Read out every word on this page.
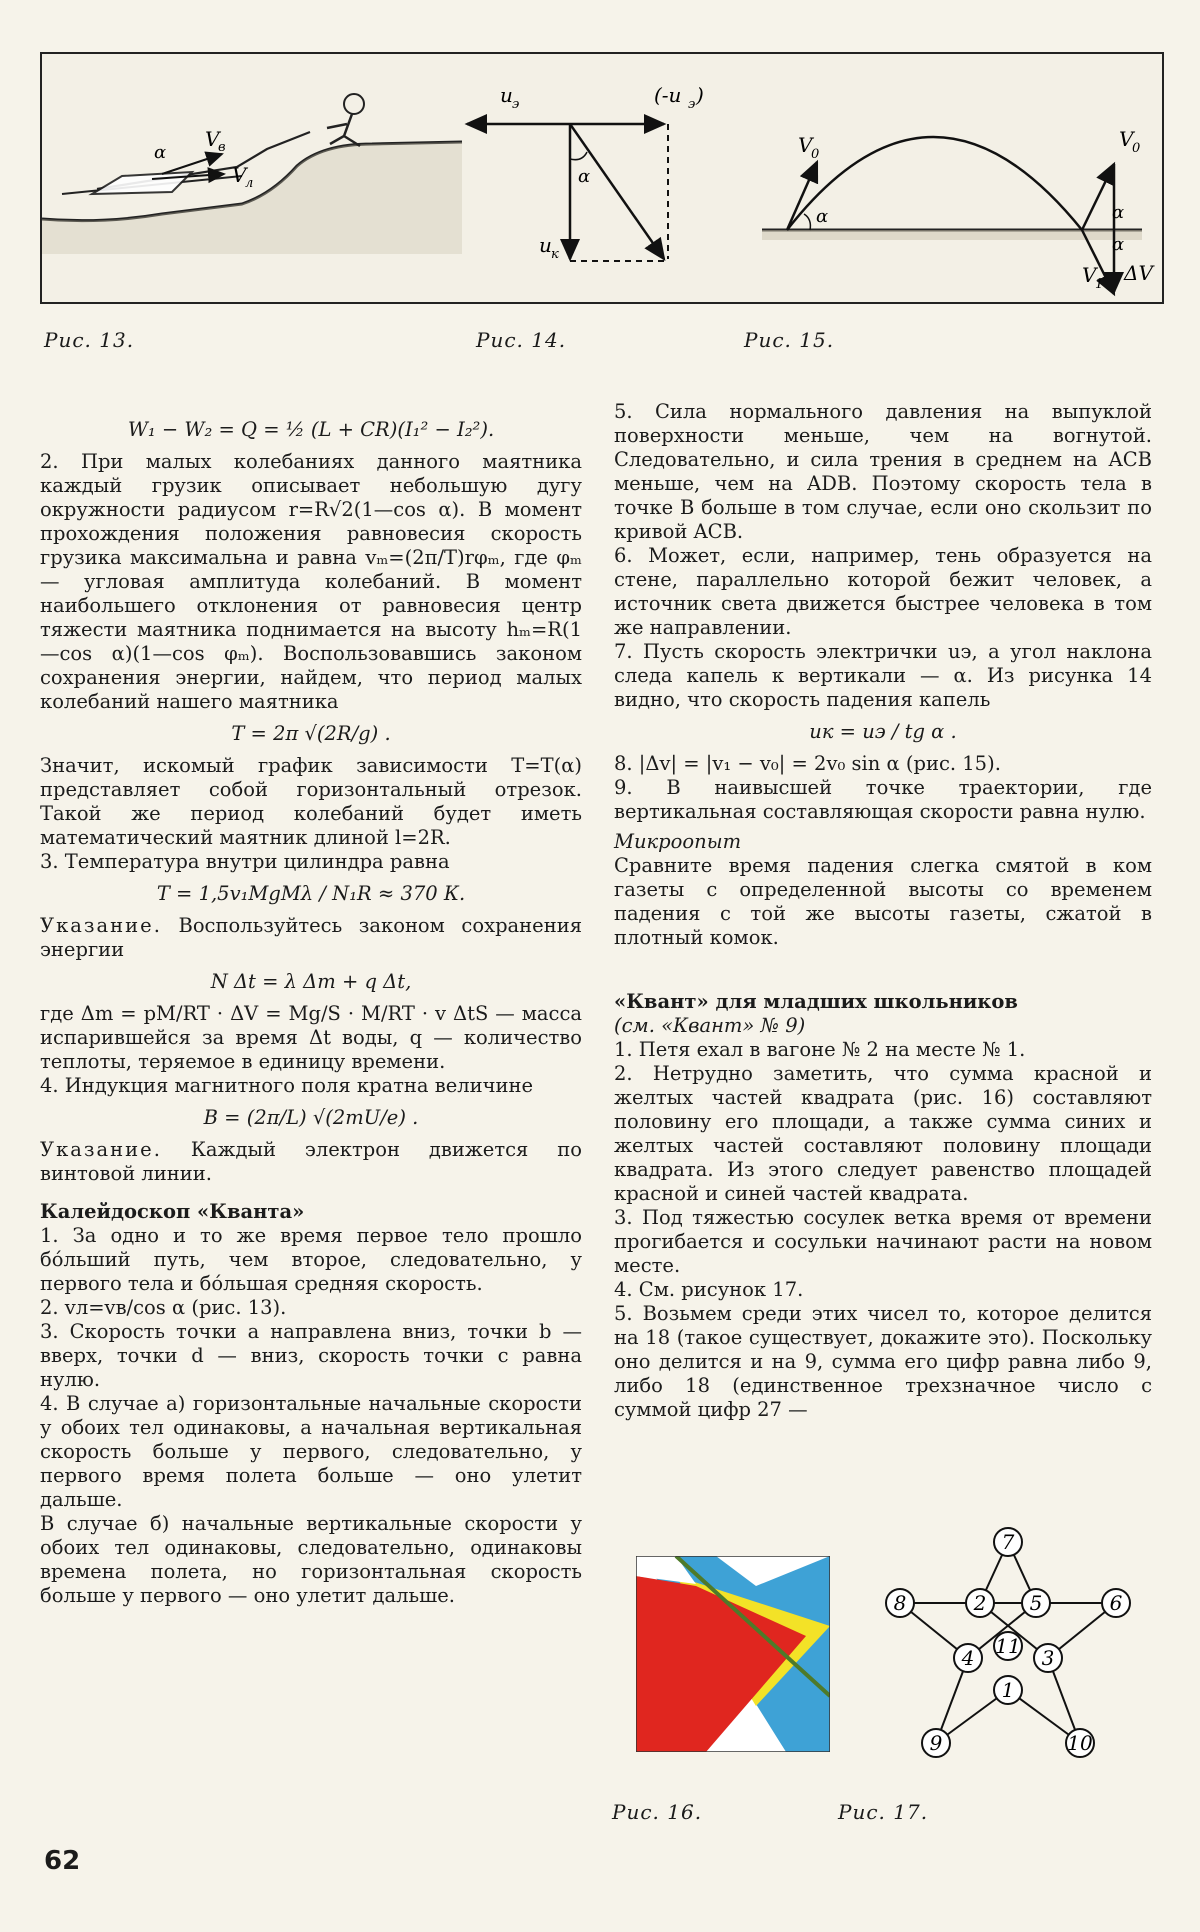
α
V
в
V
л
u э	(-u э )
α
u к
V
0
α	α
α
V
0
V
1 ΔV
Рис. 13.	Рис. 14.	Рис. 15.

W₁ − W₂ = Q = ½ (L + CR)(I₁² − I₂²).

2. При малых колебаниях данного маятника каждый грузик описывает небольшую дугу окружности радиусом r=R√2(1—cos α). В момент прохождения положения равновесия скорость грузика максимальна и равна vₘ=(2π/T)rφₘ, где φₘ — угловая амплитуда колебаний. В момент наибольшего отклонения от равновесия центр тяжести маятника поднимается на высоту hₘ=R(1—cos α)(1—cos φₘ). Воспользовавшись законом сохранения энергии, найдем, что период малых колебаний нашего маятника

T = 2π √(2R/g) .

Значит, искомый график зависимости T=T(α) представляет собой горизонтальный отрезок. Такой же период колебаний будет иметь математический маятник длиной l=2R.

3. Температура внутри цилиндра равна

T = 1,5v₁MgMλ / N₁R ≈ 370 К.

Указание. Воспользуйтесь законом сохранения энергии

N Δt = λ Δm + q Δt,

где Δm = pM/RT · ΔV = Mg/S · M/RT · v ΔtS — масса испарившейся за время Δt воды, q — количество теплоты, теряемое в единицу времени.

4. Индукция магнитного поля кратна величине

B = (2π/L) √(2mU/e) .

Указание. Каждый электрон движется по винтовой линии.

Калейдоскоп «Кванта»

1. За одно и то же время первое тело прошло бо́льший путь, чем второе, следовательно, у первого тела и бо́льшая средняя скорость.

2. vл=vв/cos α (рис. 13).

3. Скорость точки a направлена вниз, точки b — вверх, точки d — вниз, скорость точки c равна нулю.

4. В случае а) горизонтальные начальные скорости у обоих тел одинаковы, а начальная вертикальная скорость больше у первого, следовательно, у первого время полета больше — оно улетит дальше.

В случае б) начальные вертикальные скорости у обоих тел одинаковы, следовательно, одинаковы времена полета, но горизонтальная скорость больше у первого — оно улетит дальше.

5. Сила нормального давления на выпуклой поверхности меньше, чем на вогнутой. Следовательно, и сила трения в среднем на ACB меньше, чем на ADB. Поэтому скорость тела в точке B больше в том случае, если оно скользит по кривой ACB.

6. Может, если, например, тень образуется на стене, параллельно которой бежит человек, а источник света движется быстрее человека в том же направлении.

7. Пусть скорость электрички uэ, а угол наклона следа капель к вертикали — α. Из рисунка 14 видно, что скорость падения капель

uк = uэ / tg α .

8. |Δv| = |v₁ − v₀| = 2v₀ sin α (рис. 15).

9. В наивысшей точке траектории, где вертикальная составляющая скорости равна нулю.

Микроопыт

Сравните время падения слегка смятой в ком газеты с определенной высоты со временем падения с той же высоты газеты, сжатой в плотный комок.

«Квант» для младших школьников

(см. «Квант» № 9)

1. Петя ехал в вагоне № 2 на месте № 1.

2. Нетрудно заметить, что сумма красной и желтых частей квадрата (рис. 16) составляют половину его площади, а также сумма синих и желтых частей составляют половину площади квадрата. Из этого следует равенство площадей красной и синей частей квадрата.

3. Под тяжестью сосулек ветка время от времени прогибается и сосульки начинают расти на новом месте.

4. См. рисунок 17.

5. Возьмем среди этих чисел то, которое делится на 18 (такое существует, докажите это). Поскольку оно делится и на 9, сумма его цифр равна либо 9, либо 18 (единственное трехзначное число с суммой цифр 27 —

7
8	2 5	6
4 11 3
1
9	10
Рис. 16.	Рис. 17.
62
